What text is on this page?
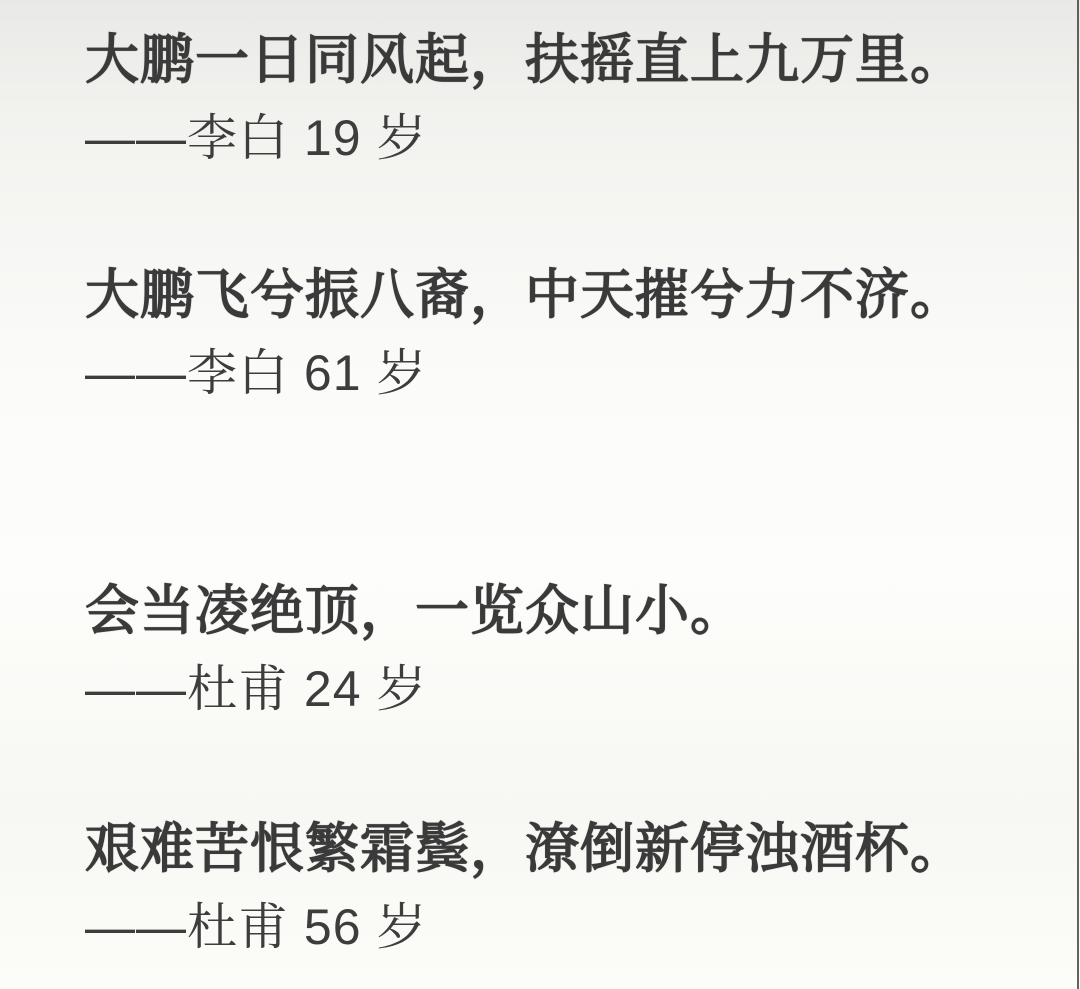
大鹏一日同风起，扶摇直上九万里。
——李白 19 岁
大鹏飞兮振八裔，中天摧兮力不济。
——李白 61 岁
会当凌绝顶，一览众山小。
——杜甫 24 岁
艰难苦恨繁霜鬓，潦倒新停浊酒杯。
——杜甫 56 岁
